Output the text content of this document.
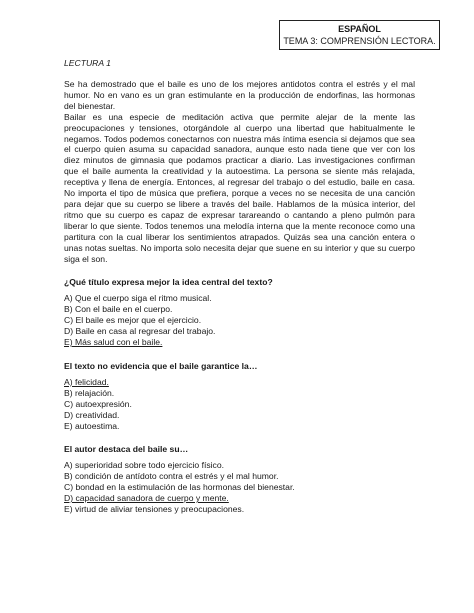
ESPAÑOL
TEMA 3: COMPRENSIÓN LECTORA.
LECTURA 1

Se ha demostrado que el baile es uno de los mejores antidotos contra el estrés y el mal humor. No en vano es un gran estimulante en la producción de endorfinas, las hormonas del bienestar.

Bailar es una especie de meditación activa que permite alejar de la mente las preocupaciones y tensiones, otorgándole al cuerpo una libertad que habitualmente le negamos. Todos podemos conectarnos con nuestra más íntima esencia si dejamos que sea el cuerpo quien asuma su capacidad sanadora, aunque esto nada tiene que ver con los diez minutos de gimnasia que podamos practicar a diario. Las investigaciones confirman que el baile aumenta la creatividad y la autoestima. La persona se siente más relajada, receptiva y llena de energía. Entonces, al regresar del trabajo o del estudio, baile en casa. No importa el tipo de música que prefiera, porque a veces no se necesita de una canción para dejar que su cuerpo se libere a través del baile. Hablamos de la música interior, del ritmo que su cuerpo es capaz de expresar tarareando o cantando a pleno pulmón para liberar lo que siente. Todos tenemos una melodía interna que la mente reconoce como una partitura con la cual liberar los sentimientos atrapados. Quizás sea una canción entera o unas notas sueltas. No importa solo necesita dejar que suene en su interior y que su cuerpo siga el son.

¿Qué título expresa mejor la idea central del texto?
A) Que el cuerpo siga el ritmo musical.
B) Con el baile en el cuerpo.
C) El baile es mejor que el ejercicio.
D) Baile en casa al regresar del trabajo.
E) Más salud con el baile.
El texto no evidencia que el baile garantice la…
A) felicidad.
B) relajación.
C) autoexpresión.
D) creatividad.
E) autoestima.
El autor destaca del baile su…
A) superioridad sobre todo ejercicio físico.
B) condición de antídoto contra el estrés y el mal humor.
C) bondad en la estimulación de las hormonas del bienestar.
D) capacidad sanadora de cuerpo y mente.
E) virtud de aliviar tensiones y preocupaciones.
